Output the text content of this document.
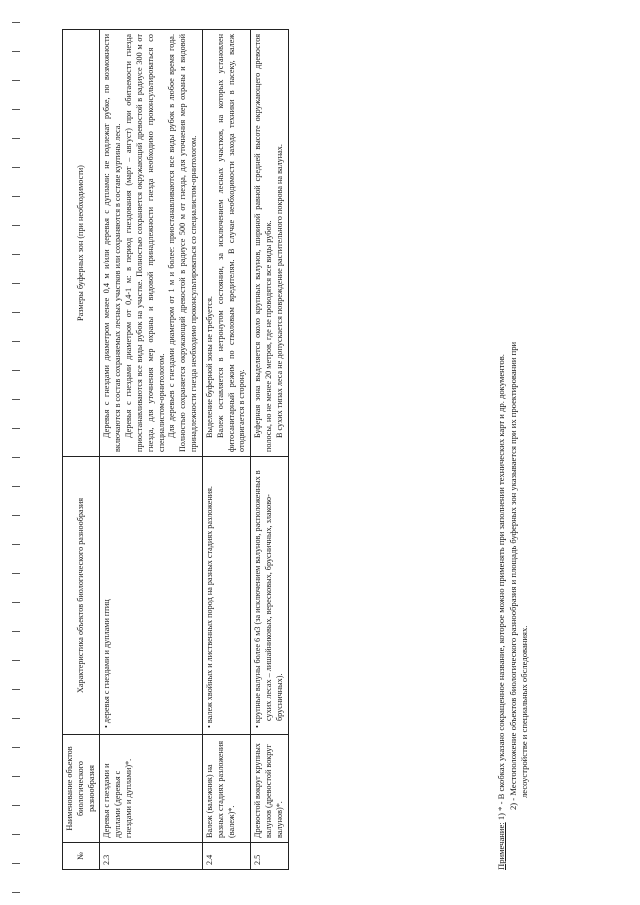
№	Наименование объектов биологического разнообразия	Характеристика объектов биологического разнообразия	Размеры буферных зон (при необходимости)
2.3	Деревья с гнездами и дуплами (деревья с гнездами и дуплами)*.	• деревья с гнездами и дуплами птиц	Деревья с гнездами диаметром менее 0,4 м и/или деревья с дуплами: не подлежат рубке, по возможности включаются в состав сохраняемых лесных участков или сохраняются в составе куртины леса. Деревья с гнездами диаметром от 0,4-1 м: в период гнездования (март – август) при обитаемости гнезда приостанавливаются все виды рубок на участке. Полностью сохраняется окружающий древостой в радиусе 300 м от гнезда, для уточнения мер охраны и видовой принадлежности гнезда необходимо проконсультироваться со специалистом-орнитологом. Для деревьев с гнездами диаметром от 1 м и более: приостанавливаются все виды рубок в любое время года. Полностью сохраняется окружающий древостой в радиусе 500 м от гнезда, для уточнения мер охраны и видовой принадлежности гнезда необходимо проконсультироваться со специалистом-орнитологом.

2.4	Валеж (валежник) на разных стадиях разложения (валеж)*.	• валеж хвойных и лиственных пород на разных стадиях разложения.	Выделение буферной зоны не требуется. Валеж оставляется в нетронутом состоянии, за исключением лесных участков, на которых установлен фитосанитарный режим по стволовым вредителям. В случае необходимости захода техники в пасеку, валеж отодвигается в сторону.

2.5	Древостой вокруг крупных валунов (древостой вокруг валунов)*.	• крупные валуны более 6 м3 (за исключением валунов, расположенных в сухих лесах – лишайниковых, вересковых, брусничных, злаково-брусничных).	Буферная зона выделяется около крупных валунов, шириной равной средней высоте окружающего древостоя полосы, но не менее 20 метров, где не проводятся все виды рубок. В сухих типах леса не допускается повреждение растительного покрова на валунах.

Примечание: 1) * - В скобках указано сокращенное название, которое можно применять при заполнении технических карт и др. документов. 2) - Местоположение объектов биологического разнообразия и площадь буферных зон указывается при их проектировании при лесоустройстве и специальных обследованиях.
